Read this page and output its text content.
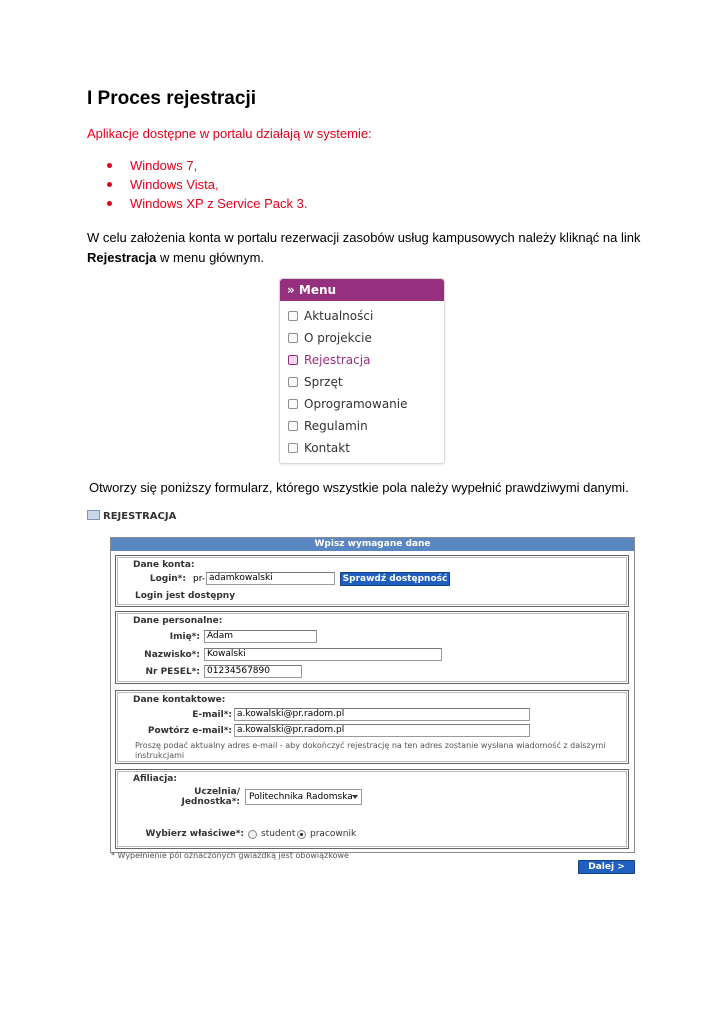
I Proces rejestracji
Aplikacje dostępne w portalu działają w systemie:
Windows 7,
Windows Vista,
Windows XP z Service Pack 3.
W celu założenia konta w portalu rezerwacji zasobów usług kampusowych należy kliknąć na link Rejestracja w menu głównym.
» Menu
Aktualności
O projekcie
Rejestracja
Sprzęt
Oprogramowanie
Regulamin
Kontakt
Otworzy się poniższy formularz, którego wszystkie pola należy wypełnić prawdziwymi danymi.
REJESTRACJA
Wpisz wymagane dane
Dane konta:
Login*: pr- adamkowalski	Sprawdź dostępność
Login jest dostępny
Dane personalne:
Imię*: Adam
Nazwisko*: Kowalski
Nr PESEL*: 01234567890
Dane kontaktowe:
E-mail*: a.kowalski@pr.radom.pl
Powtórz e-mail*: a.kowalski@pr.radom.pl
Proszę podać aktualny adres e-mail - aby dokończyć rejestrację na ten adres zostanie wysłana wiadomość z dalszymi
instrukcjami
Afiliacja:
Uczelnia/
Jednostka*:	Politechnika Radomska
Wybierz właściwe*: student pracownik
* Wypełnienie pól oznaczonych gwiazdką jest obowiązkowe
Dalej >
